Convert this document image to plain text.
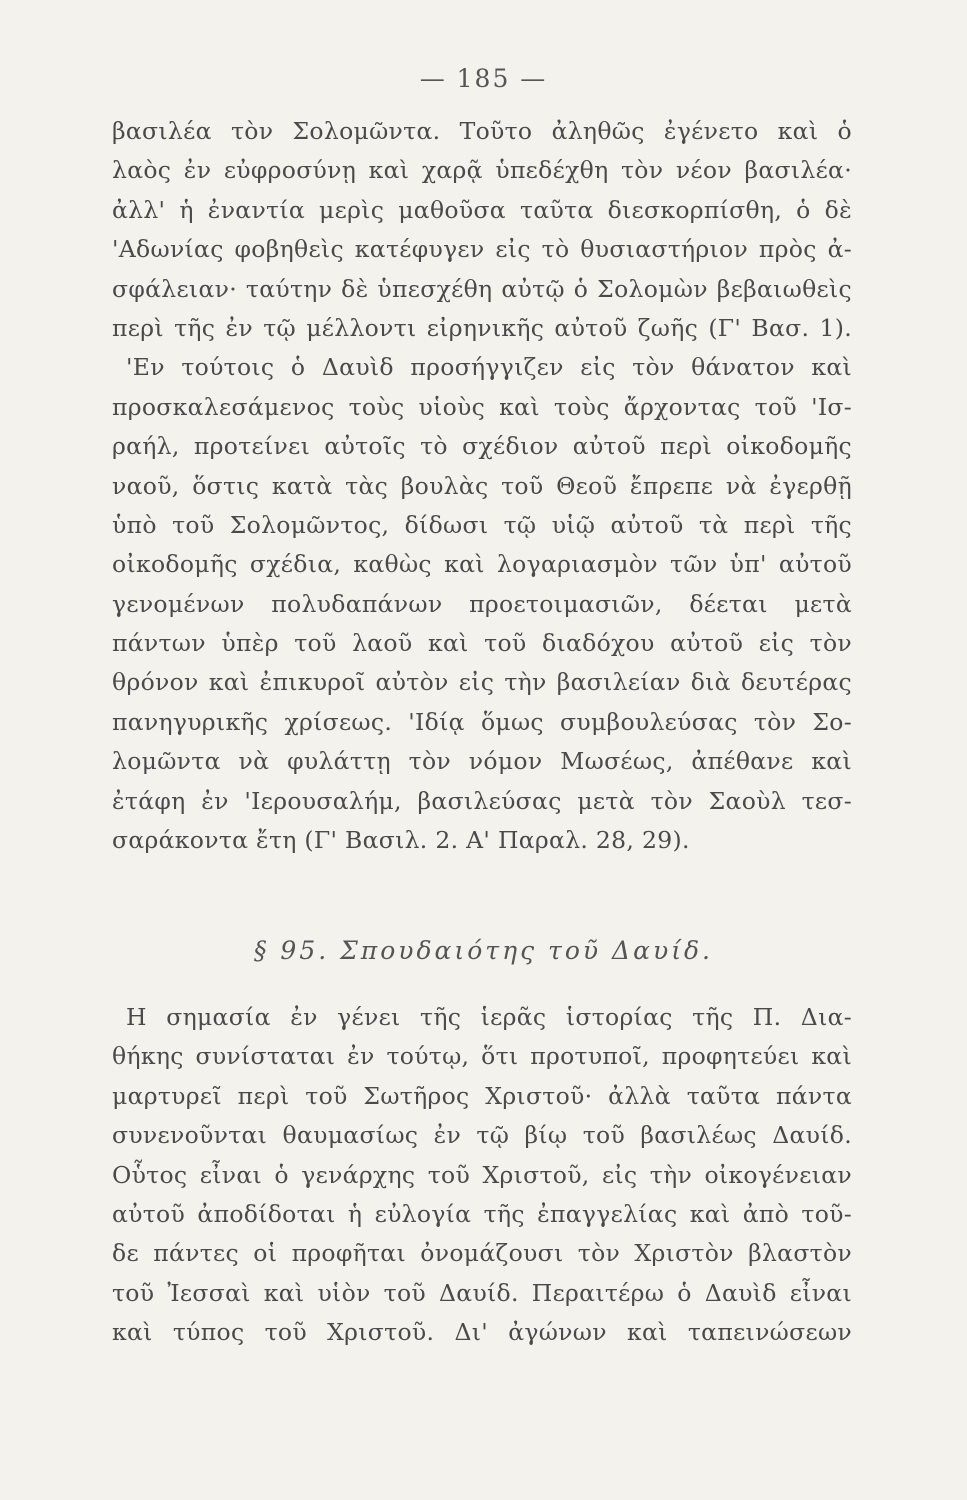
— 185 —
βασιλέα τὸν Σολομῶντα. Τοῦτο ἀληθῶς ἐγένετο καὶ ὁ
λαὸς ἐν εὐφροσύνῃ καὶ χαρᾷ ὑπεδέχθη τὸν νέον βασιλέα·
ἀλλ' ἡ ἐναντία μερὶς μαθοῦσα ταῦτα διεσκορπίσθη, ὁ δὲ
'Αδωνίας φοβηθεὶς κατέφυγεν εἰς τὸ θυσιαστήριον πρὸς ἀ-
σφάλειαν· ταύτην δὲ ὑπεσχέθη αὐτῷ ὁ Σολομὼν βεβαιωθεὶς
περὶ τῆς ἐν τῷ μέλλοντι εἰρηνικῆς αὐτοῦ ζωῆς (Γ' Βασ. 1).
'Εν τούτοις ὁ Δαυὶδ προσήγγιζεν εἰς τὸν θάνατον καὶ
προσκαλεσάμενος τοὺς υἱοὺς καὶ τοὺς ἄρχοντας τοῦ 'Ισ-
ραήλ, προτείνει αὐτοῖς τὸ σχέδιον αὐτοῦ περὶ οἰκοδομῆς
ναοῦ, ὅστις κατὰ τὰς βουλὰς τοῦ Θεοῦ ἔπρεπε νὰ ἐγερθῇ
ὑπὸ τοῦ Σολομῶντος, δίδωσι τῷ υἱῷ αὐτοῦ τὰ περὶ τῆς
οἰκοδομῆς σχέδια, καθὼς καὶ λογαριασμὸν τῶν ὑπ' αὐτοῦ
γενομένων πολυδαπάνων προετοιμασιῶν, δέεται μετὰ
πάντων ὑπὲρ τοῦ λαοῦ καὶ τοῦ διαδόχου αὐτοῦ εἰς τὸν
θρόνον καὶ ἐπικυροῖ αὐτὸν εἰς τὴν βασιλείαν διὰ δευτέρας
πανηγυρικῆς χρίσεως. 'Ιδίᾳ ὅμως συμβουλεύσας τὸν Σο-
λομῶντα νὰ φυλάττῃ τὸν νόμον Μωσέως, ἀπέθανε καὶ
ἐτάφη ἐν 'Ιερουσαλήμ, βασιλεύσας μετὰ τὸν Σαοὺλ τεσ-
σαράκοντα ἔτη (Γ' Βασιλ. 2. Α' Παραλ. 28, 29).
§ 95. Σπουδαιότης τοῦ Δαυίδ.
Η σημασία ἐν γένει τῆς ἱερᾶς ἱστορίας τῆς Π. Δια-
θήκης συνίσταται ἐν τούτῳ, ὅτι προτυποῖ, προφητεύει καὶ
μαρτυρεῖ περὶ τοῦ Σωτῆρος Χριστοῦ· ἀλλὰ ταῦτα πάντα
συνενοῦνται θαυμασίως ἐν τῷ βίῳ τοῦ βασιλέως Δαυίδ.
Οὗτος εἶναι ὁ γενάρχης τοῦ Χριστοῦ, εἰς τὴν οἰκογένειαν
αὐτοῦ ἀποδίδοται ἡ εὐλογία τῆς ἐπαγγελίας καὶ ἀπὸ τοῦ-
δε πάντες οἱ προφῆται ὀνομάζουσι τὸν Χριστὸν βλαστὸν
τοῦ Ἰεσσαὶ καὶ υἱὸν τοῦ Δαυίδ. Περαιτέρω ὁ Δαυὶδ εἶναι
καὶ τύπος τοῦ Χριστοῦ. Δι' ἀγώνων καὶ ταπεινώσεων
